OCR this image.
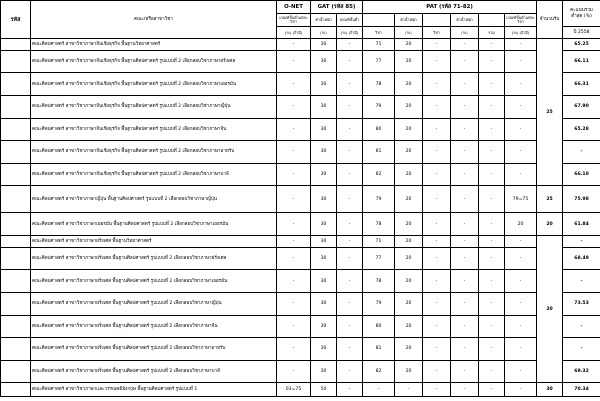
รหัส	คณะ/หรือสาขาวิชา	O-NET	GAT (รหัส 85)		PAT (รหัส 71-82)						จำนวนรับ	คะแนนรวม
ต่ำสุด (%)

		เกณฑ์ขั้นต่ำแต่ละวิชา	ค่าน้ำหนัก	เกณฑ์ขั้นต่ำ		ค่าน้ำหนัก		ค่าน้ำหนัก		เกณฑ์ขั้นต่ำแต่ละวิชา		
		(%) (ถ้ามี)	(%)	(%) (ถ้ามี)	วิชา	(%)	วิชา	(%)	รวม	(%) (ถ้ามี)		ปี 2558
	คณะศิลปศาสตร์ สาขาวิชาภาษาจีนเชิงธุรกิจ พื้นฐานวิทยาศาสตร์	-	30	-	71	20	-	-	-	-	25	65.25
	คณะศิลปศาสตร์ สาขาวิชาภาษาจีนเชิงธุรกิจ พื้นฐานศิลปศาสตร์ รูปแบบที่ 2 เลือกสอบวิชาภาษาฝรั่งเศส	-	30	-	77	20	-	-	-	-		66.11
	คณะศิลปศาสตร์ สาขาวิชาภาษาจีนเชิงธุรกิจ พื้นฐานศิลปศาสตร์ รูปแบบที่ 2 เลือกสอบวิชาภาษาเยอรมัน	-	30	-	78	20	-	-	-	-		66.31
	คณะศิลปศาสตร์ สาขาวิชาภาษาจีนเชิงธุรกิจ พื้นฐานศิลปศาสตร์ รูปแบบที่ 2 เลือกสอบวิชาภาษาญี่ปุ่น	-	30	-	79	20	-	-	-	-		67.90
	คณะศิลปศาสตร์ สาขาวิชาภาษาจีนเชิงธุรกิจ พื้นฐานศิลปศาสตร์ รูปแบบที่ 2 เลือกสอบวิชาภาษาจีน	-	30	-	80	20	-	-	-	-		65.28
	คณะศิลปศาสตร์ สาขาวิชาภาษาจีนเชิงธุรกิจ พื้นฐานศิลปศาสตร์ รูปแบบที่ 2 เลือกสอบวิชาภาษาอาหรับ	-	30	-	81	20	-	-	-	-		-
	คณะศิลปศาสตร์ สาขาวิชาภาษาจีนเชิงธุรกิจ พื้นฐานศิลปศาสตร์ รูปแบบที่ 2 เลือกสอบวิชาภาษาบาลี	-	30	-	82	20	-	-	-	-		66.10
	คณะศิลปศาสตร์ สาขาวิชาภาษาญี่ปุ่น พื้นฐานศิลปศาสตร์ รูปแบบที่ 2 เลือกสอบวิชาภาษาญี่ปุ่น	-	30	-	79	20	-	-	-	79=75	25	75.98
	คณะศิลปศาสตร์ สาขาวิชาภาษาเยอรมัน พื้นฐานศิลปศาสตร์ รูปแบบที่ 2 เลือกสอบวิชาภาษาเยอรมัน	-	30	-	78	20	-	-	-	20	20	61.84
	คณะศิลปศาสตร์ สาขาวิชาภาษาฝรั่งเศส พื้นฐานวิทยาศาสตร์	-	30	-	71	20	-	-	-	-	20	-
	คณะศิลปศาสตร์ สาขาวิชาภาษาฝรั่งเศส พื้นฐานศิลปศาสตร์ รูปแบบที่ 2 เลือกสอบวิชาภาษาฝรั่งเศส	-	30	-	77	20	-	-	-	-		68.49
	คณะศิลปศาสตร์ สาขาวิชาภาษาฝรั่งเศส พื้นฐานศิลปศาสตร์ รูปแบบที่ 2 เลือกสอบวิชาภาษาเยอรมัน	-	30	-	78	20	-	-	-	-		-
	คณะศิลปศาสตร์ สาขาวิชาภาษาฝรั่งเศส พื้นฐานศิลปศาสตร์ รูปแบบที่ 2 เลือกสอบวิชาภาษาญี่ปุ่น	-	30	-	79	20	-	-	-	-		73.53
	คณะศิลปศาสตร์ สาขาวิชาภาษาฝรั่งเศส พื้นฐานศิลปศาสตร์ รูปแบบที่ 2 เลือกสอบวิชาภาษาจีน	-	30	-	80	20	-	-	-	-		-
	คณะศิลปศาสตร์ สาขาวิชาภาษาฝรั่งเศส พื้นฐานศิลปศาสตร์ รูปแบบที่ 2 เลือกสอบวิชาภาษาอาหรับ	-	30	-	81	20	-	-	-	-		-
	คณะศิลปศาสตร์ สาขาวิชาภาษาฝรั่งเศส พื้นฐานศิลปศาสตร์ รูปแบบที่ 2 เลือกสอบวิชาภาษาบาลี	-	30	-	82	20	-	-	-	-		69.32
	คณะศิลปศาสตร์ สาขาวิชาภาษาและวรรณคดีอังกฤษ พื้นฐานศิลปศาสตร์ รูปแบบที่ 1	03=75	50	-	-	-	-	-	-	-	30	70.34
